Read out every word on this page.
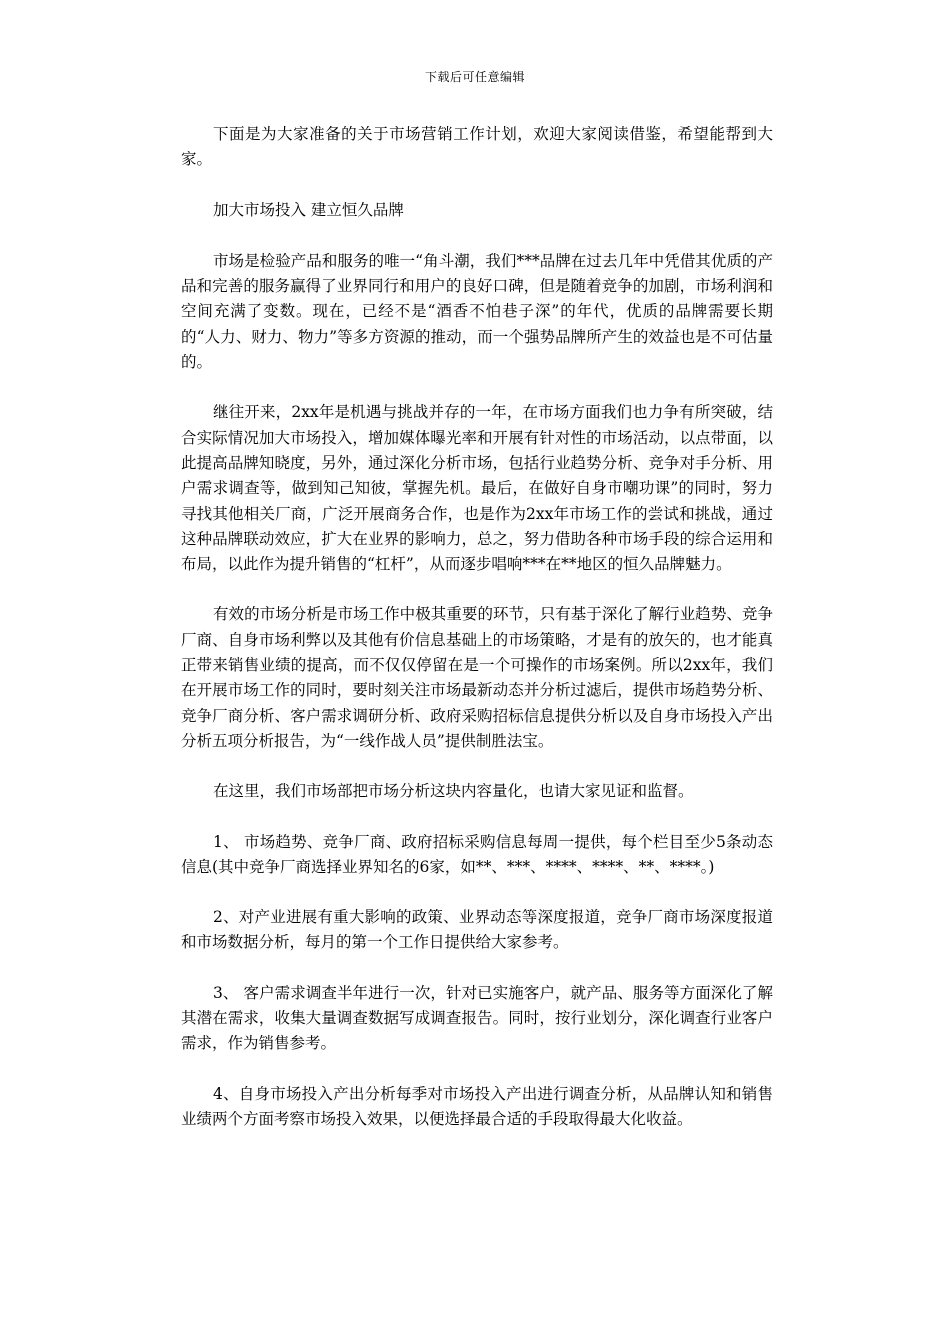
下载后可任意编辑

下面是为大家准备的关于市场营销工作计划，欢迎大家阅读借鉴，希望能帮到大家。

加大市场投入 建立恒久品牌

市场是检验产品和服务的唯一“角斗潮，我们***品牌在过去几年中凭借其优质的产品和完善的服务赢得了业界同行和用户的良好口碑，但是随着竞争的加剧，市场利润和空间充满了变数。现在，已经不是“酒香不怕巷子深”的年代，优质的品牌需要长期的“人力、财力、物力”等多方资源的推动，而一个强势品牌所产生的效益也是不可估量的。

继往开来，2xx年是机遇与挑战并存的一年，在市场方面我们也力争有所突破，结合实际情况加大市场投入，增加媒体曝光率和开展有针对性的市场活动，以点带面，以此提高品牌知晓度，另外，通过深化分析市场，包括行业趋势分析、竞争对手分析、用户需求调查等，做到知己知彼，掌握先机。最后，在做好自身市嘲功课”的同时，努力寻找其他相关厂商，广泛开展商务合作，也是作为2xx年市场工作的尝试和挑战，通过这种品牌联动效应，扩大在业界的影响力，总之，努力借助各种市场手段的综合运用和布局，以此作为提升销售的“杠杆”，从而逐步唱响***在**地区的恒久品牌魅力。

有效的市场分析是市场工作中极其重要的环节，只有基于深化了解行业趋势、竞争厂商、自身市场利弊以及其他有价信息基础上的市场策略，才是有的放矢的，也才能真正带来销售业绩的提高，而不仅仅停留在是一个可操作的市场案例。所以2xx年，我们在开展市场工作的同时，要时刻关注市场最新动态并分析过滤后，提供市场趋势分析、竞争厂商分析、客户需求调研分析、政府采购招标信息提供分析以及自身市场投入产出分析五项分析报告，为“一线作战人员”提供制胜法宝。

在这里，我们市场部把市场分析这块内容量化，也请大家见证和监督。

1、 市场趋势、竞争厂商、政府招标采购信息每周一提供，每个栏目至少5条动态信息(其中竞争厂商选择业界知名的6家，如**、***、****、****、**、****。)

2、对产业进展有重大影响的政策、业界动态等深度报道，竞争厂商市场深度报道和市场数据分析，每月的第一个工作日提供给大家参考。

3、 客户需求调查半年进行一次，针对已实施客户，就产品、服务等方面深化了解其潜在需求，收集大量调查数据写成调查报告。同时，按行业划分，深化调查行业客户需求，作为销售参考。

4、自身市场投入产出分析每季对市场投入产出进行调查分析，从品牌认知和销售业绩两个方面考察市场投入效果，以便选择最合适的手段取得最大化收益。
